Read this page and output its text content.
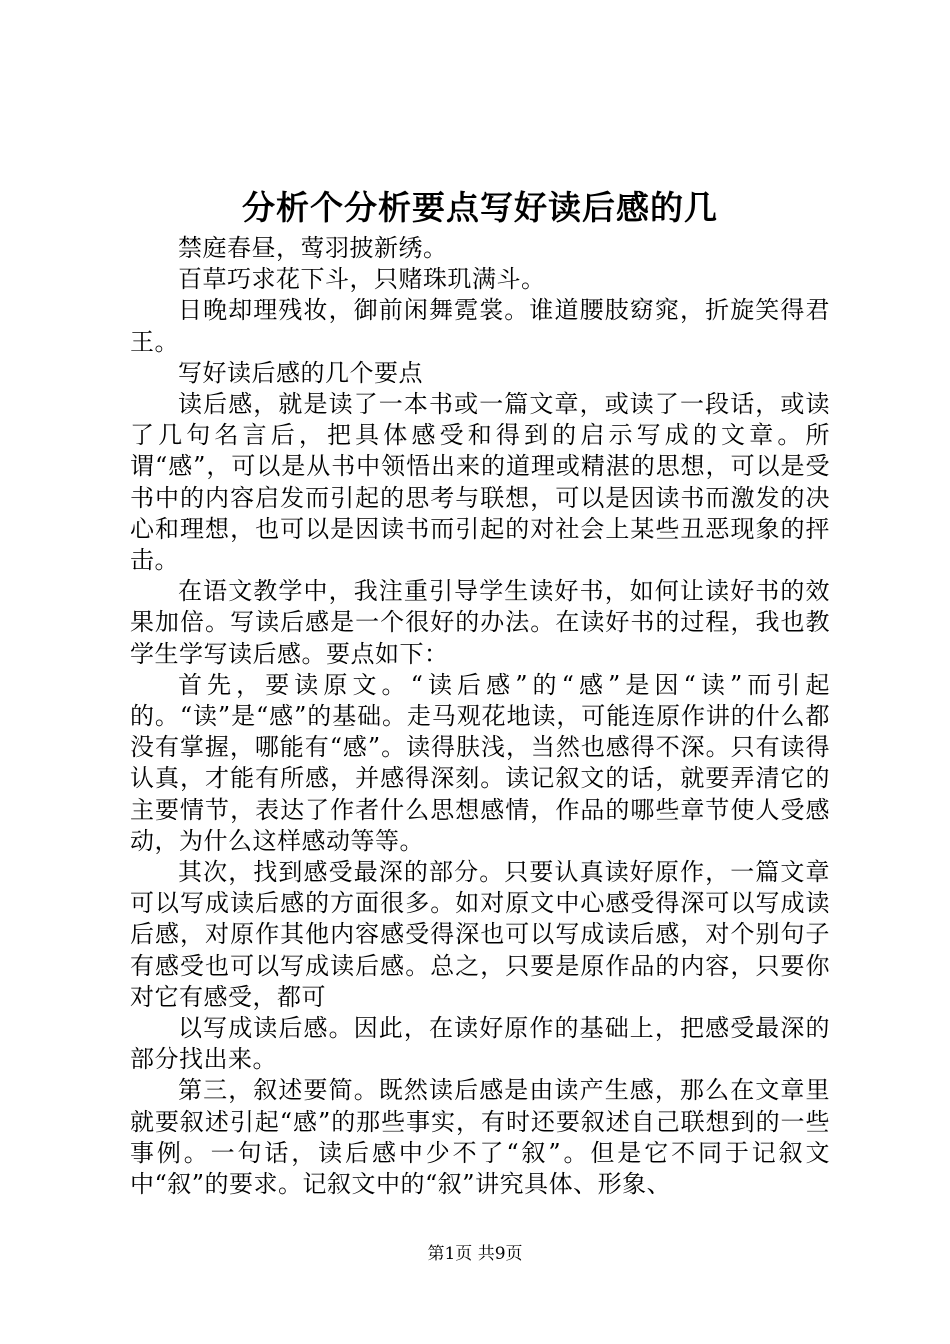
分析个分析要点写好读后感的几

禁庭春昼，莺羽披新绣。

百草巧求花下斗，只赌珠玑满斗。

日晚却理残妆，御前闲舞霓裳。谁道腰肢窈窕，折旋笑得君王。

写好读后感的几个要点

读后感，就是读了一本书或一篇文章，或读了一段话，或读了几句名言后，把具体感受和得到的启示写成的文章。所谓“感”，可以是从书中领悟出来的道理或精湛的思想，可以是受书中的内容启发而引起的思考与联想，可以是因读书而激发的决心和理想，也可以是因读书而引起的对社会上某些丑恶现象的抨击。

在语文教学中，我注重引导学生读好书，如何让读好书的效果加倍。写读后感是一个很好的办法。在读好书的过程，我也教学生学写读后感。要点如下：

首先，要读原文。“读后感”的“感”是因“读”而引起的。“读”是“感”的基础。走马观花地读，可能连原作讲的什么都没有掌握，哪能有“感”。读得肤浅，当然也感得不深。只有读得认真，才能有所感，并感得深刻。读记叙文的话，就要弄清它的主要情节，表达了作者什么思想感情，作品的哪些章节使人受感动，为什么这样感动等等。

其次，找到感受最深的部分。只要认真读好原作，一篇文章可以写成读后感的方面很多。如对原文中心感受得深可以写成读后感，对原作其他内容感受得深也可以写成读后感，对个别句子有感受也可以写成读后感。总之，只要是原作品的内容，只要你对它有感受，都可

以写成读后感。因此，在读好原作的基础上，把感受最深的部分找出来。

第三，叙述要简。既然读后感是由读产生感，那么在文章里就要叙述引起“感”的那些事实，有时还要叙述自己联想到的一些事例。一句话，读后感中少不了“叙”。但是它不同于记叙文中“叙”的要求。记叙文中的“叙”讲究具体、形象、

第1页 共9页
